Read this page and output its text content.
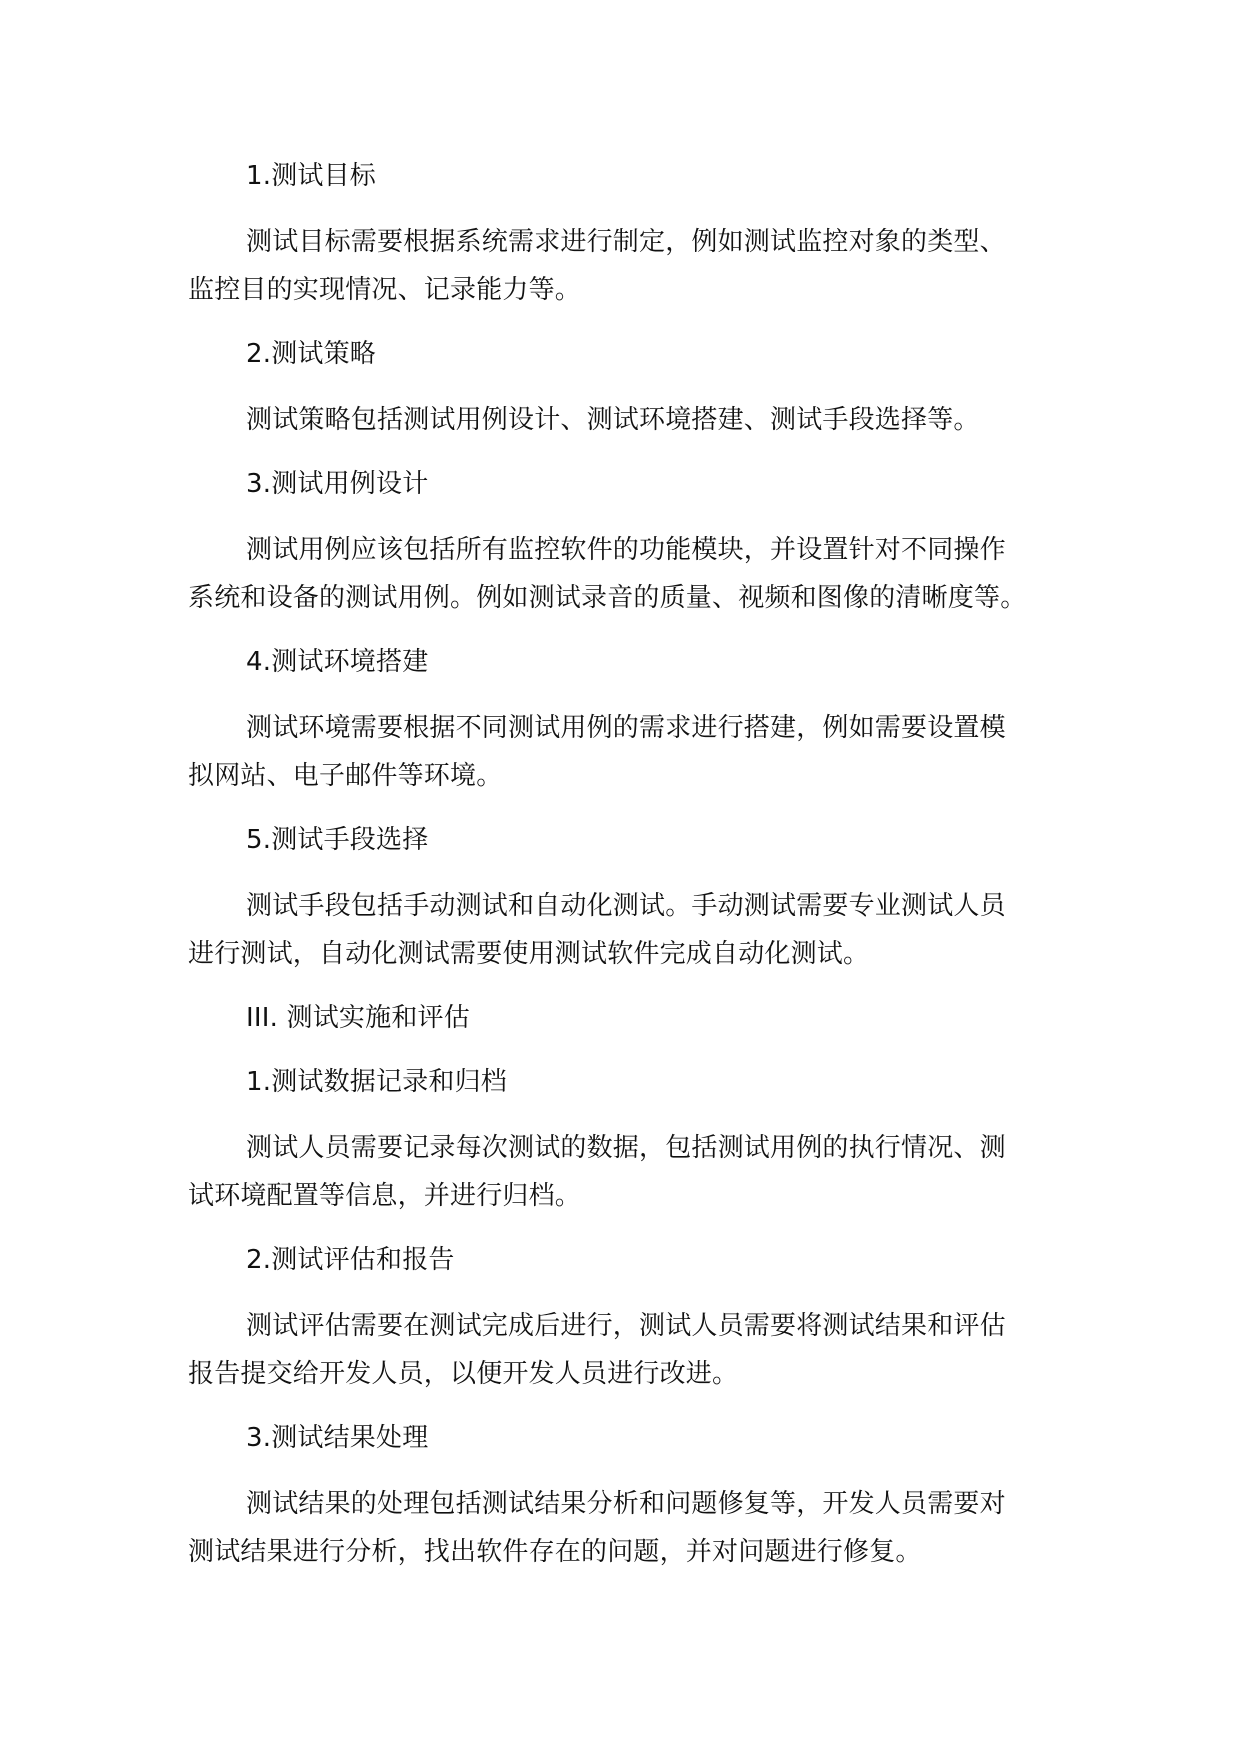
1.测试目标
测试目标需要根据系统需求进行制定，例如测试监控对象的类型、
监控目的实现情况、记录能力等。
2.测试策略
测试策略包括测试用例设计、测试环境搭建、测试手段选择等。
3.测试用例设计
测试用例应该包括所有监控软件的功能模块，并设置针对不同操作
系统和设备的测试用例。例如测试录音的质量、视频和图像的清晰度等。
4.测试环境搭建
测试环境需要根据不同测试用例的需求进行搭建，例如需要设置模
拟网站、电子邮件等环境。
5.测试手段选择
测试手段包括手动测试和自动化测试。手动测试需要专业测试人员
进行测试，自动化测试需要使用测试软件完成自动化测试。
III. 测试实施和评估
1.测试数据记录和归档
测试人员需要记录每次测试的数据，包括测试用例的执行情况、测
试环境配置等信息，并进行归档。
2.测试评估和报告
测试评估需要在测试完成后进行，测试人员需要将测试结果和评估
报告提交给开发人员，以便开发人员进行改进。
3.测试结果处理
测试结果的处理包括测试结果分析和问题修复等，开发人员需要对
测试结果进行分析，找出软件存在的问题，并对问题进行修复。
